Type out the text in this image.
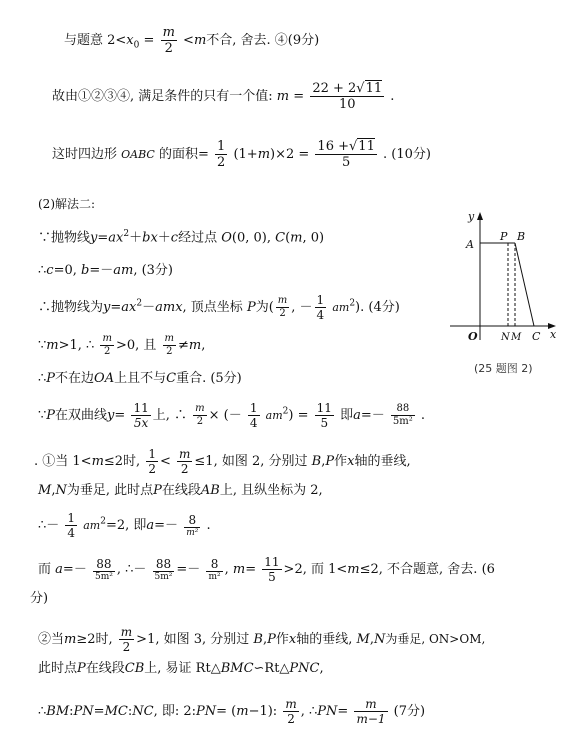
与题意 $2<x_0 = \frac{m}{2} <m$不合, 舍去. ④(9分)
故由①②③④, 满足条件的只有一个值: $m = \frac{22 + 2√11}{10}$ .
这时四边形 OABC 的面积= $\frac{1}{2} (1+m)\times 2 = \frac{16 +√11}{5}$ . (10分)
(2)解法二:
∵抛物线$y=ax^2+bx+c$经过点 O(0, 0), C(m, 0)
∴c=0, b=－am, (3分)
∴抛物线为$y=ax^2-amx$, 顶点坐标 P为( $\frac{m}{2}$ , － $\frac{1}{4} am^2$). (4分)
∵m>1, ∴ $\frac{m}{2} >0$, 且 $\frac{m}{2} \ne m$,
∴P不在边OA上且不与C重合. (5分)
∵P在双曲线$y= \frac{11}{5x}$ 上, ∴ $\frac{m}{2}$ × (－ $\frac{1}{4} am^2) = \frac{11}{5}$ 即$a=- \frac{88}{\text{5m²}}$ .
. ①当 1<m≤2时, $\frac{1}{2} < \frac{m}{2} \le 1$, 如图 2, 分别过 B,P作x轴的垂线,
M,N为垂足, 此时点P在线段AB上, 且纵坐标为 2,
∴－ $\frac{1}{4} am^2=2$, 即$a=- \frac{8}{\text{m²}}$ .
而 $a=- \frac{88}{\text{5m²}}$ , ∴－ $\frac{88}{\text{5m²}} =- \frac{8}{\text{m²}}$ , $m= \frac{11}{5} >2$, 而 1<m≤2, 不合题意, 舍去. (6
分)
②当m≥2时, $\frac{m}{2} >1$, 如图 3, 分别过 B,P作x轴的垂线, M,N为垂足, ON>OM,
此时点P在线段CB上, 易证 Rt△BMC∽Rt△PNC,
∴BM:PN=MC:NC, 即: 2:PN= (m−1): $\frac{m}{2}$ , ∴PN= $\frac{m}{m-1} (7$分)
y
x
A
P B
O N M C
(25 题图 2)
